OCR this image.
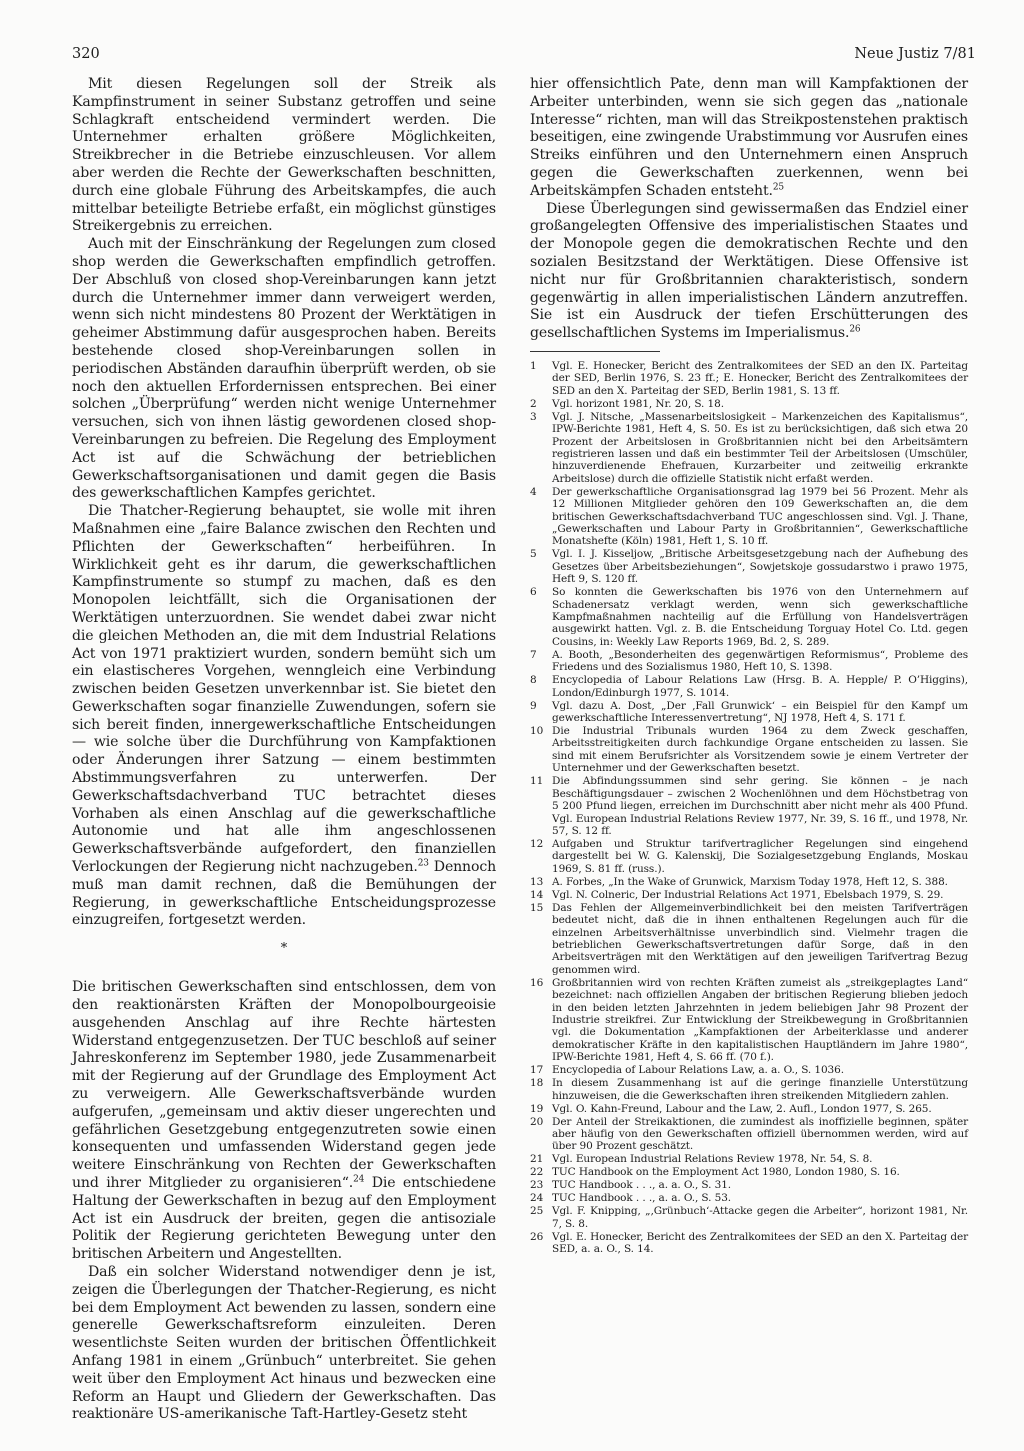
320	Neue Justiz 7/81

Mit diesen Regelungen soll der Streik als Kampfinstrument in seiner Substanz getroffen und seine Schlagkraft entscheidend vermindert werden. Die Unternehmer erhalten größere Möglichkeiten, Streikbrecher in die Betriebe einzuschleusen. Vor allem aber werden die Rechte der Gewerkschaften beschnitten, durch eine globale Führung des Arbeitskampfes, die auch mittelbar beteiligte Betriebe erfaßt, ein möglichst günstiges Streikergebnis zu erreichen.

Auch mit der Einschränkung der Regelungen zum closed shop werden die Gewerkschaften empfindlich getroffen. Der Abschluß von closed shop-Vereinbarungen kann jetzt durch die Unternehmer immer dann verweigert werden, wenn sich nicht mindestens 80 Prozent der Werktätigen in geheimer Abstimmung dafür ausgesprochen haben. Bereits bestehende closed shop-Vereinbarungen sollen in periodischen Abständen daraufhin überprüft werden, ob sie noch den aktuellen Erfordernissen entsprechen. Bei einer solchen „Überprüfung“ werden nicht wenige Unternehmer versuchen, sich von ihnen lästig gewordenen closed shop-Vereinbarungen zu befreien. Die Regelung des Employment Act ist auf die Schwächung der betrieblichen Gewerkschaftsorganisationen und damit gegen die Basis des gewerkschaftlichen Kampfes gerichtet.

Die Thatcher-Regierung behauptet, sie wolle mit ihren Maßnahmen eine „faire Balance zwischen den Rechten und Pflichten der Gewerkschaften“ herbeiführen. In Wirklichkeit geht es ihr darum, die gewerkschaftlichen Kampfinstrumente so stumpf zu machen, daß es den Monopolen leichtfällt, sich die Organisationen der Werktätigen unterzuordnen. Sie wendet dabei zwar nicht die gleichen Methoden an, die mit dem Industrial Relations Act von 1971 praktiziert wurden, sondern bemüht sich um ein elastischeres Vorgehen, wenngleich eine Verbindung zwischen beiden Gesetzen unverkennbar ist. Sie bietet den Gewerkschaften sogar finanzielle Zuwendungen, sofern sie sich bereit finden, innergewerkschaftliche Entscheidungen — wie solche über die Durchführung von Kampfaktionen oder Änderungen ihrer Satzung — einem bestimmten Abstimmungsverfahren zu unterwerfen. Der Gewerkschaftsdachverband TUC betrachtet dieses Vorhaben als einen Anschlag auf die gewerkschaftliche Autonomie und hat alle ihm angeschlossenen Gewerkschaftsverbände aufgefordert, den finanziellen Verlockungen der Regierung nicht nachzugeben.$^{23}$ Dennoch muß man damit rechnen, daß die Bemühungen der Regierung, in gewerkschaftliche Entscheidungsprozesse einzugreifen, fortgesetzt werden.

*

Die britischen Gewerkschaften sind entschlossen, dem von den reaktionärsten Kräften der Monopolbourgeoisie ausgehenden Anschlag auf ihre Rechte härtesten Widerstand entgegenzusetzen. Der TUC beschloß auf seiner Jahreskonferenz im September 1980, jede Zusammenarbeit mit der Regierung auf der Grundlage des Employment Act zu verweigern. Alle Gewerkschaftsverbände wurden aufgerufen, „gemeinsam und aktiv dieser ungerechten und gefährlichen Gesetzgebung entgegenzutreten sowie einen konsequenten und umfassenden Widerstand gegen jede weitere Einschränkung von Rechten der Gewerkschaften und ihrer Mitglieder zu organisieren“.$^{24}$ Die entschiedene Haltung der Gewerkschaften in bezug auf den Employment Act ist ein Ausdruck der breiten, gegen die antisoziale Politik der Regierung gerichteten Bewegung unter den britischen Arbeitern und Angestellten.

Daß ein solcher Widerstand notwendiger denn je ist, zeigen die Überlegungen der Thatcher-Regierung, es nicht bei dem Employment Act bewenden zu lassen, sondern eine generelle Gewerkschaftsreform einzuleiten. Deren wesentlichste Seiten wurden der britischen Öffentlichkeit Anfang 1981 in einem „Grünbuch“ unterbreitet. Sie gehen weit über den Employment Act hinaus und bezwecken eine Reform an Haupt und Gliedern der Gewerkschaften. Das reaktionäre US-amerikanische Taft-Hartley-Gesetz steht

hier offensichtlich Pate, denn man will Kampfaktionen der Arbeiter unterbinden, wenn sie sich gegen das „nationale Interesse“ richten, man will das Streikpostenstehen praktisch beseitigen, eine zwingende Urabstimmung vor Ausrufen eines Streiks einführen und den Unternehmern einen Anspruch gegen die Gewerkschaften zuerkennen, wenn bei Arbeitskämpfen Schaden entsteht.$^{25}$

Diese Überlegungen sind gewissermaßen das Endziel einer großangelegten Offensive des imperialistischen Staates und der Monopole gegen die demokratischen Rechte und den sozialen Besitzstand der Werktätigen. Diese Offensive ist nicht nur für Großbritannien charakteristisch, sondern gegenwärtig in allen imperialistischen Ländern anzutreffen. Sie ist ein Ausdruck der tiefen Erschütterungen des gesellschaftlichen Systems im Imperialismus.$^{26}$

1	Vgl. E. Honecker, Bericht des Zentralkomitees der SED an den IX. Parteitag der SED, Berlin 1976, S. 23 ff.; E. Honecker, Bericht des Zentralkomitees der SED an den X. Parteitag der SED, Berlin 1981, S. 13 ff.
2	Vgl. horizont 1981, Nr. 20, S. 18.
3	Vgl. J. Nitsche, „Massenarbeitslosigkeit – Markenzeichen des Kapitalismus“, IPW-Berichte 1981, Heft 4, S. 50. Es ist zu berücksichtigen, daß sich etwa 20 Prozent der Arbeitslosen in Großbritannien nicht bei den Arbeitsämtern registrieren lassen und daß ein bestimmter Teil der Arbeitslosen (Umschüler, hinzuverdienende Ehefrauen, Kurzarbeiter und zeitweilig erkrankte Arbeitslose) durch die offizielle Statistik nicht erfaßt werden.
4	Der gewerkschaftliche Organisationsgrad lag 1979 bei 56 Prozent. Mehr als 12 Millionen Mitglieder gehören den 109 Gewerkschaften an, die dem britischen Gewerkschaftsdachverband TUC angeschlossen sind. Vgl. J. Thane, „Gewerkschaften und Labour Party in Großbritannien“, Gewerkschaftliche Monatshefte (Köln) 1981, Heft 1, S. 10 ff.
5	Vgl. I. J. Kisseljow, „Britische Arbeitsgesetzgebung nach der Aufhebung des Gesetzes über Arbeitsbeziehungen“, Sowjetskoje gossudarstwo i prawo 1975, Heft 9, S. 120 ff.
6	So konnten die Gewerkschaften bis 1976 von den Unternehmern auf Schadenersatz verklagt werden, wenn sich gewerkschaftliche Kampfmaßnahmen nachteilig auf die Erfüllung von Handelsverträgen ausgewirkt hatten. Vgl. z. B. die Entscheidung Torguay Hotel Co. Ltd. gegen Cousins, in: Weekly Law Reports 1969, Bd. 2, S. 289.
7	A. Booth, „Besonderheiten des gegenwärtigen Reformismus“, Probleme des Friedens und des Sozialismus 1980, Heft 10, S. 1398.
8	Encyclopedia of Labour Relations Law (Hrsg. B. A. Hepple/ P. O’Higgins), London/Edinburgh 1977, S. 1014.
9	Vgl. dazu A. Dost, „Der ‚Fall Grunwick‘ – ein Beispiel für den Kampf um gewerkschaftliche Interessenvertretung“, NJ 1978, Heft 4, S. 171 f.
10 Die Industrial Tribunals wurden 1964 zu dem Zweck geschaffen, Arbeitsstreitigkeiten durch fachkundige Organe entscheiden zu lassen. Sie sind mit einem Berufsrichter als Vorsitzendem sowie je einem Vertreter der Unternehmer und der Gewerkschaften besetzt.
11 Die Abfindungssummen sind sehr gering. Sie können – je nach Beschäftigungsdauer – zwischen 2 Wochenlöhnen und dem Höchstbetrag von 5 200 Pfund liegen, erreichen im Durchschnitt aber nicht mehr als 400 Pfund. Vgl. European Industrial Relations Review 1977, Nr. 39, S. 16 ff., und 1978, Nr. 57, S. 12 ff.
12 Aufgaben und Struktur tarifvertraglicher Regelungen sind eingehend dargestellt bei W. G. Kalenskij, Die Sozialgesetzgebung Englands, Moskau 1969, S. 81 ff. (russ.).
13 A. Forbes, „In the Wake of Grunwick, Marxism Today 1978, Heft 12, S. 388.
14 Vgl. N. Colneric, Der Industrial Relations Act 1971, Ebelsbach 1979, S. 29.
15 Das Fehlen der Allgemeinverbindlichkeit bei den meisten Tarifverträgen bedeutet nicht, daß die in ihnen enthaltenen Regelungen auch für die einzelnen Arbeitsverhältnisse unverbindlich sind. Vielmehr tragen die betrieblichen Gewerkschaftsvertretungen dafür Sorge, daß in den Arbeitsverträgen mit den Werktätigen auf den jeweiligen Tarifvertrag Bezug genommen wird.
16 Großbritannien wird von rechten Kräften zumeist als „streikgeplagtes Land“ bezeichnet: nach offiziellen Angaben der britischen Regierung blieben jedoch in den beiden letzten Jahrzehnten in jedem beliebigen Jahr 98 Prozent der Industrie streikfrei. Zur Entwicklung der Streikbewegung in Großbritannien vgl. die Dokumentation „Kampfaktionen der Arbeiterklasse und anderer demokratischer Kräfte in den kapitalistischen Hauptländern im Jahre 1980“, IPW-Berichte 1981, Heft 4, S. 66 ff. (70 f.).
17 Encyclopedia of Labour Relations Law, a. a. O., S. 1036.
18 In diesem Zusammenhang ist auf die geringe finanzielle Unterstützung hinzuweisen, die die Gewerkschaften ihren streikenden Mitgliedern zahlen.
19 Vgl. O. Kahn-Freund, Labour and the Law, 2. Aufl., London 1977, S. 265.
20 Der Anteil der Streikaktionen, die zumindest als inoffizielle beginnen, später aber häufig von den Gewerkschaften offiziell übernommen werden, wird auf über 90 Prozent geschätzt.
21 Vgl. European Industrial Relations Review 1978, Nr. 54, S. 8.
22 TUC Handbook on the Employment Act 1980, London 1980, S. 16.
23 TUC Handbook . . ., a. a. O., S. 31.
24 TUC Handbook . . ., a. a. O., S. 53.
25 Vgl. F. Knipping, „‚Grünbuch‘-Attacke gegen die Arbeiter“, horizont 1981, Nr. 7, S. 8.
26 Vgl. E. Honecker, Bericht des Zentralkomitees der SED an den X. Parteitag der SED, a. a. O., S. 14.
